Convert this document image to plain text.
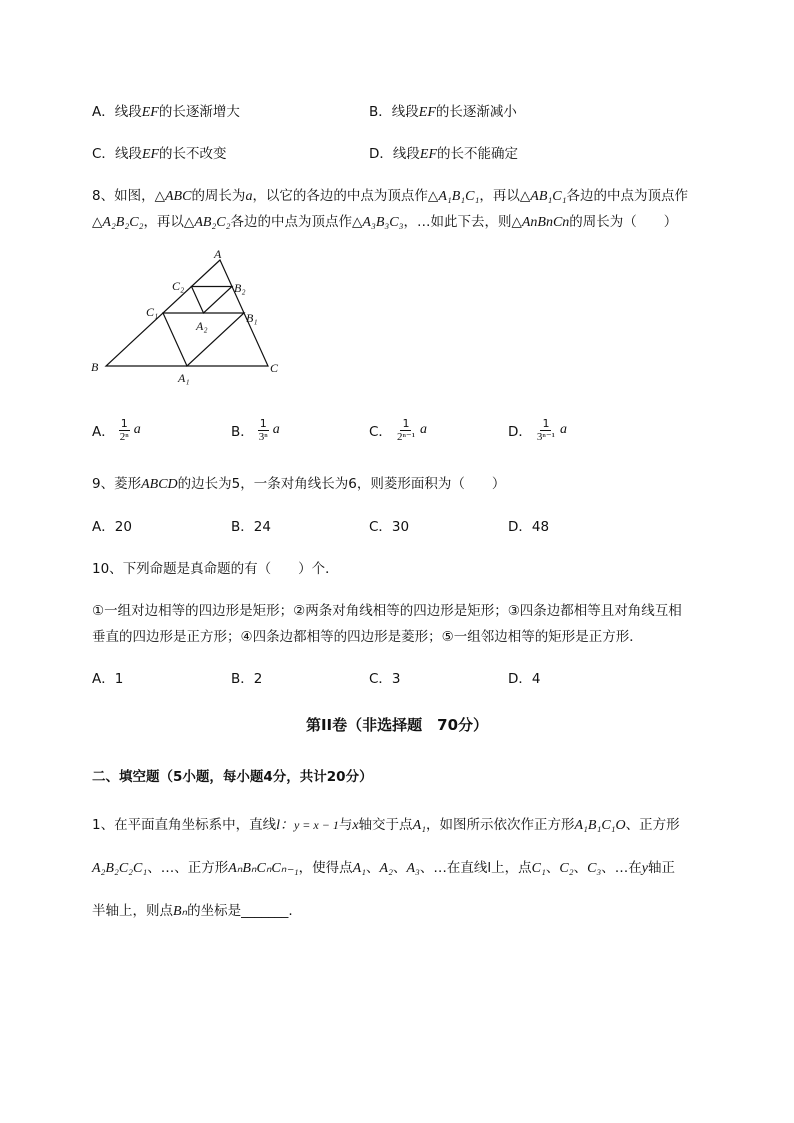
A．线段EF的长逐渐增大	B．线段EF的长逐渐减小
C．线段EF的长不改变	D．线段EF的长不能确定
8、如图，△ABC的周长为a，以它的各边的中点为顶点作△A₁B₁C₁，再以△AB₁C₁各边的中点为顶点作
△A₂B₂C₂，再以△AB₂C₂各边的中点为顶点作△A₃B₃C₃，…如此下去，则△AnBnCn的周长为（　　）
A
B	C
A₁
B₁
C₁
A₂
B₂
C₂
A． $\frac{1}{\text{2ⁿ}}$ a	B． $\frac{1}{\text{3ⁿ}}$ a	C． $\frac{1}{\text{2ⁿ⁻¹}}$ a	D． $\frac{1}{\text{3ⁿ⁻¹}}$ a
9、菱形ABCD的边长为5，一条对角线长为6，则菱形面积为（　　）
A．20	B．24	C．30	D．48
10、下列命题是真命题的有（　　）个．
①一组对边相等的四边形是矩形；②两条对角线相等的四边形是矩形；③四条边都相等且对角线互相
垂直的四边形是正方形；④四条边都相等的四边形是菱形；⑤一组邻边相等的矩形是正方形．
A．1	B．2	C．3	D．4
第II卷（非选择题　70分）
二、填空题（5小题，每小题4分，共计20分）
1、在平面直角坐标系中，直线l：y = x − 1与x轴交于点A₁，如图所示依次作正方形A₁B₁C₁O、正方形
A₂B₂C₂C₁、…、正方形AₙBₙCₙCₙ₋₁，使得点A₁、A₂、A₃、…在直线l上，点C₁、C₂、C₃、…在y轴正
半轴上，则点Bₙ的坐标是_______.
